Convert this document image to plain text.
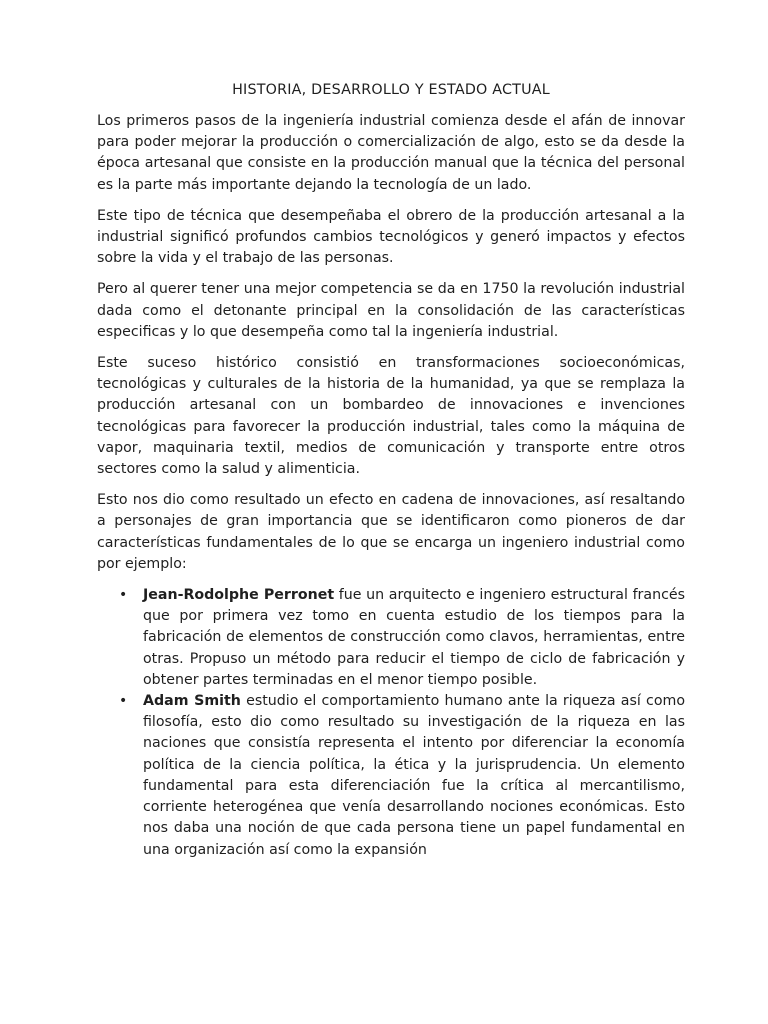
HISTORIA, DESARROLLO Y ESTADO ACTUAL

Los primeros pasos de la ingeniería industrial comienza desde el afán de innovar para poder mejorar la producción o comercialización de algo, esto se da desde la época artesanal que consiste en la producción manual que la técnica del personal es la parte más importante dejando la tecnología de un lado.

Este tipo de técnica que desempeñaba el obrero de la producción artesanal a la industrial significó profundos cambios tecnológicos y generó impactos y efectos sobre la vida y el trabajo de las personas.

Pero al querer tener una mejor competencia se da en 1750 la revolución industrial dada como el detonante principal en la consolidación de las características especificas y lo que desempeña como tal la ingeniería industrial.

Este suceso histórico consistió en transformaciones socioeconómicas, tecnológicas y culturales de la historia de la humanidad, ya que se remplaza la producción artesanal con un bombardeo de innovaciones e invenciones tecnológicas para favorecer la producción industrial, tales como la máquina de vapor, maquinaria textil, medios de comunicación y transporte entre otros sectores como la salud y alimenticia.

Esto nos dio como resultado un efecto en cadena de innovaciones, así resaltando a personajes de gran importancia que se identificaron como pioneros de dar características fundamentales de lo que se encarga un ingeniero industrial como por ejemplo:

• Jean-Rodolphe Perronet fue un arquitecto e ingeniero estructural francés que por primera vez tomo en cuenta estudio de los tiempos para la fabricación de elementos de construcción como clavos, herramientas, entre otras. Propuso un método para reducir el tiempo de ciclo de fabricación y obtener partes terminadas en el menor tiempo posible.
• Adam Smith estudio el comportamiento humano ante la riqueza así como filosofía, esto dio como resultado su investigación de la riqueza en las naciones que consistía representa el intento por diferenciar la economía política de la ciencia política, la ética y la jurisprudencia. Un elemento fundamental para esta diferenciación fue la crítica al mercantilismo, corriente heterogénea que venía desarrollando nociones económicas. Esto nos daba una noción de que cada persona tiene un papel fundamental en una organización así como la expansión
